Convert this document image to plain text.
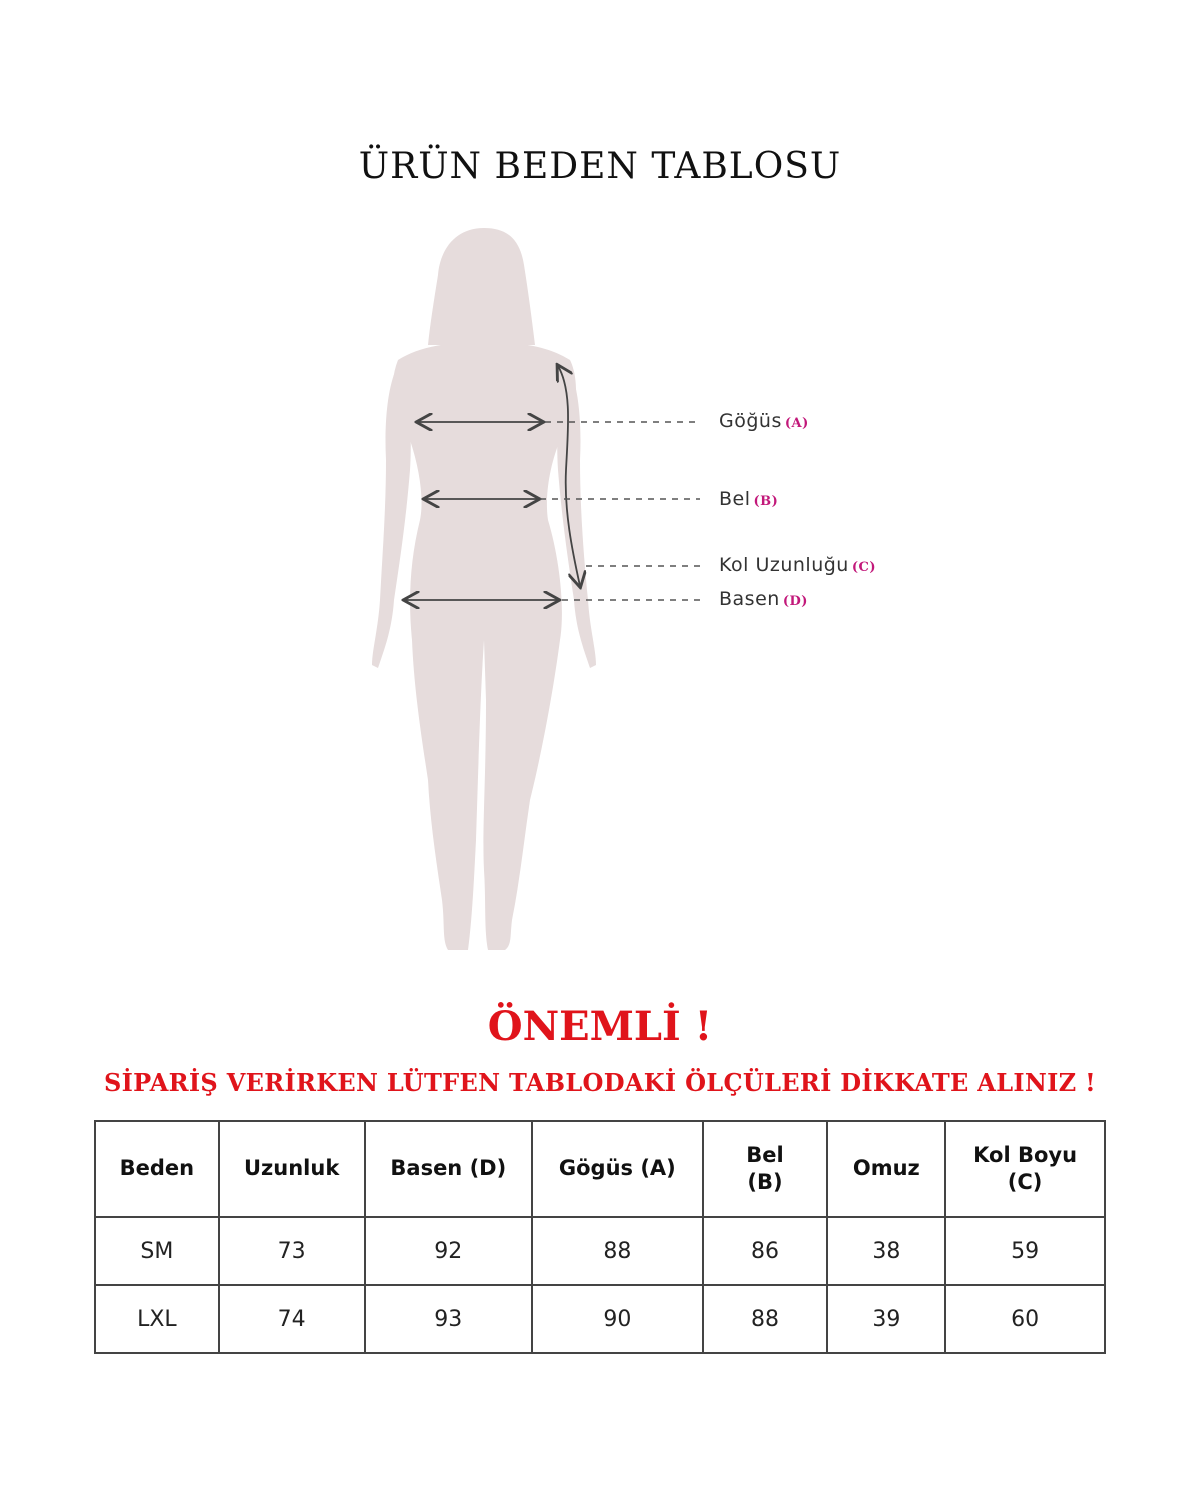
ÜRÜN BEDEN TABLOSU
Göğüs (A)
Bel (B)
Kol Uzunluğu (C)
Basen (D)
ÖNEMLİ !
SİPARİŞ VERİRKEN LÜTFEN TABLODAKİ ÖLÇÜLERİ DİKKATE ALINIZ !
Beden	Uzunluk	Basen (D)	Gögüs (A)	Bel (B)	Omuz	Kol Boyu (C)
SM	73	92	88	86	38	59
LXL	74	93	90	88	39	60
